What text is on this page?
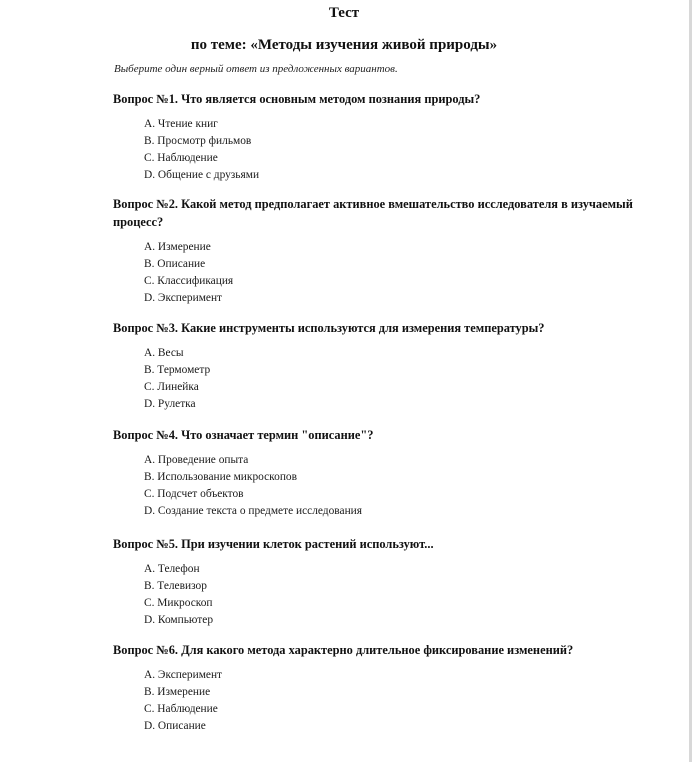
Тест
по теме: «Методы изучения живой природы»
Выберите один верный ответ из предложенных вариантов.

Вопрос №1. Что является основным методом познания природы?

A. Чтение книг
B. Просмотр фильмов
C. Наблюдение
D. Общение с друзьями

Вопрос №2. Какой метод предполагает активное вмешательство исследователя в изучаемый процесс?

A. Измерение
B. Описание
C. Классификация
D. Эксперимент

Вопрос №3. Какие инструменты используются для измерения температуры?

A. Весы
B. Термометр
C. Линейка
D. Рулетка

Вопрос №4. Что означает термин "описание"?

A. Проведение опыта
B. Использование микроскопов
C. Подсчет объектов
D. Создание текста о предмете исследования

Вопрос №5. При изучении клеток растений используют...

A. Телефон
B. Телевизор
C. Микроскоп
D. Компьютер

Вопрос №6. Для какого метода характерно длительное фиксирование изменений?

A. Эксперимент
B. Измерение
C. Наблюдение
D. Описание
